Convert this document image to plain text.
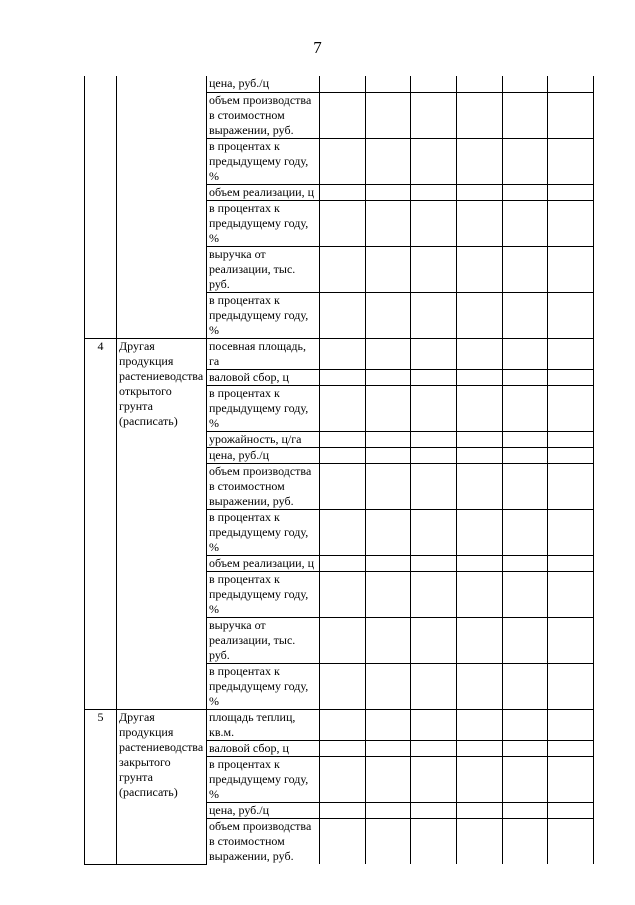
7
		цена, руб./ц						
		объем производства в стоимостном выражении, руб.						
		в процентах к предыдущему году, %						
		объем реализации, ц						
		в процентах к предыдущему году, %						
		выручка от реализации, тыс. руб.						
		в процентах к предыдущему году, %						
4	Другая продукция растениеводства открытого грунта (расписать)	посевная площадь, га						
		валовой сбор, ц						
		в процентах к предыдущему году, %						
		урожайность, ц/га						
		цена, руб./ц						
		объем производства в стоимостном выражении, руб.						
		в процентах к предыдущему году, %						
		объем реализации, ц						
		в процентах к предыдущему году, %						
		выручка от реализации, тыс. руб.						
		в процентах к предыдущему году, %						
5	Другая продукция растениеводства закрытого грунта (расписать)	площадь теплиц, кв.м.						
		валовой сбор, ц						
		в процентах к предыдущему году, %						
		цена, руб./ц						
		объем производства в стоимостном выражении, руб.						
